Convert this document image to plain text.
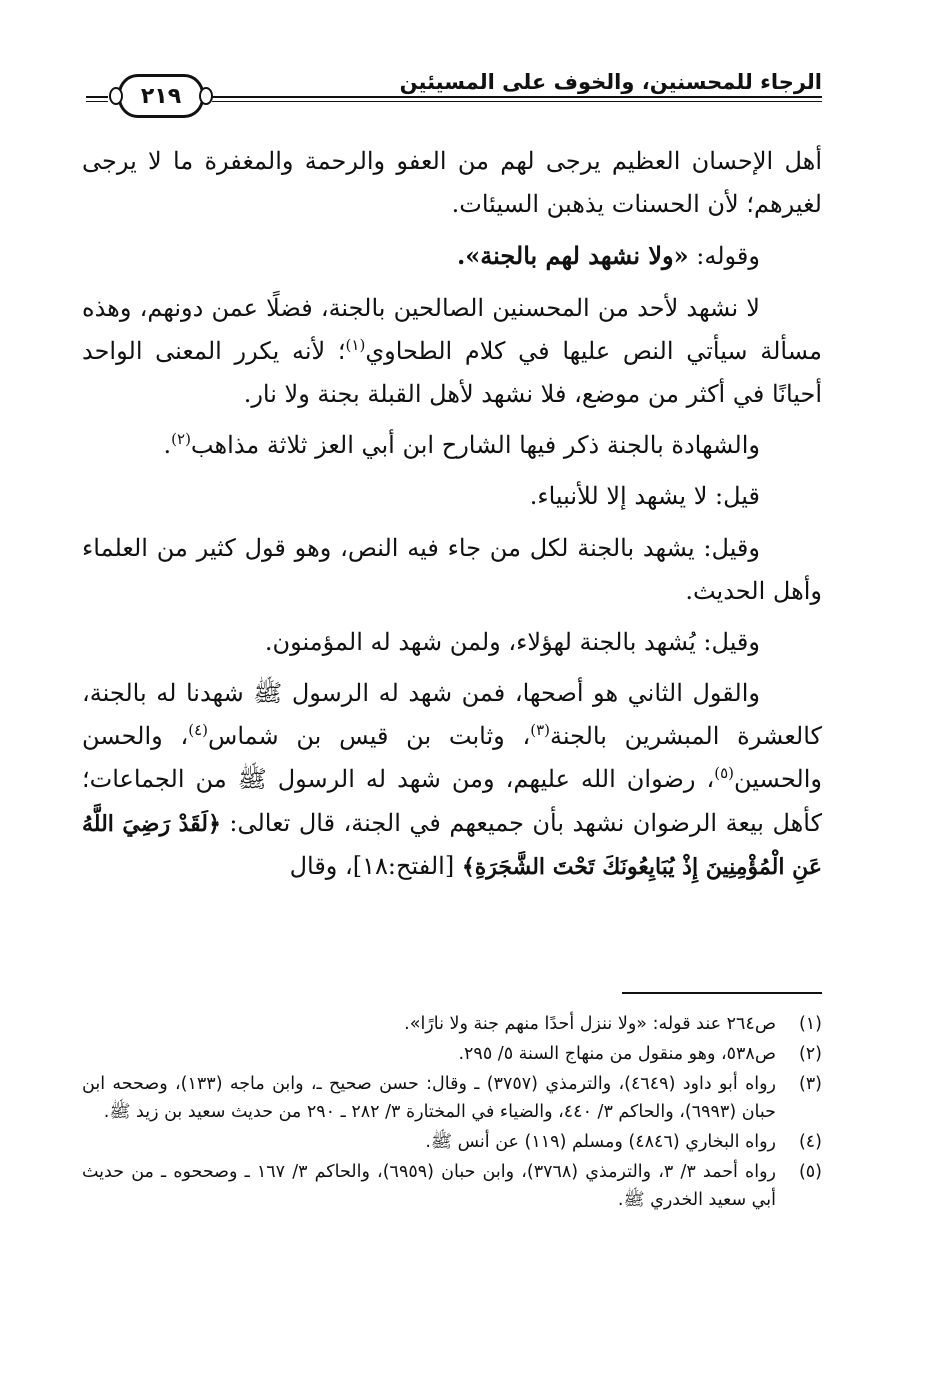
الرجاء للمحسنين، والخوف على المسيئين
٢١٩

أهل الإحسان العظيم يرجى لهم من العفو والرحمة والمغفرة ما لا يرجى لغيرهم؛ لأن الحسنات يذهبن السيئات.

وقوله: «ولا نشهد لهم بالجنة».

لا نشهد لأحد من المحسنين الصالحين بالجنة، فضلًا عمن دونهم، وهذه مسألة سيأتي النص عليها في كلام الطحاوي$^{(١)}$؛ لأنه يكرر المعنى الواحد أحيانًا في أكثر من موضع، فلا نشهد لأهل القبلة بجنة ولا نار.

والشهادة بالجنة ذكر فيها الشارح ابن أبي العز ثلاثة مذاهب$^{(٢)}$.

قيل: لا يشهد إلا للأنبياء.

وقيل: يشهد بالجنة لكل من جاء فيه النص، وهو قول كثير من العلماء وأهل الحديث.

وقيل: يُشهد بالجنة لهؤلاء، ولمن شهد له المؤمنون.

والقول الثاني هو أصحها، فمن شهد له الرسول ﷺ شهدنا له بالجنة، كالعشرة المبشرين بالجنة$^{(٣)}$، وثابت بن قيس بن شماس$^{(٤)}$، والحسن والحسين$^{(٥)}$، رضوان الله عليهم، ومن شهد له الرسول ﷺ من الجماعات؛ كأهل بيعة الرضوان نشهد بأن جميعهم في الجنة، قال تعالى: ﴿لَقَدْ رَضِيَ اللَّهُ عَنِ الْمُؤْمِنِينَ إِذْ يُبَايِعُونَكَ تَحْتَ الشَّجَرَةِ﴾ [الفتح:١٨]، وقال

(١)
ص٢٦٤ عند قوله: «ولا ننزل أحدًا منهم جنة ولا نارًا».
(٢)
ص٥٣٨، وهو منقول من منهاج السنة ٥/ ٢٩٥.
(٣)
رواه أبو داود (٤٦٤٩)، والترمذي (٣٧٥٧) ـ وقال: حسن صحيح ـ، وابن ماجه (١٣٣)، وصححه ابن حبان (٦٩٩٣)، والحاكم ٣/ ٤٤٠، والضياء في المختارة ٣/ ٢٨٢ ـ ٢٩٠ من حديث سعيد بن زيد ﷺ.
(٤)
رواه البخاري (٤٨٤٦) ومسلم (١١٩) عن أنس ﷺ.
(٥)
رواه أحمد ٣/ ٣، والترمذي (٣٧٦٨)، وابن حبان (٦٩٥٩)، والحاكم ٣/ ١٦٧ ـ وصححوه ـ من حديث أبي سعيد الخدري ﷺ.
